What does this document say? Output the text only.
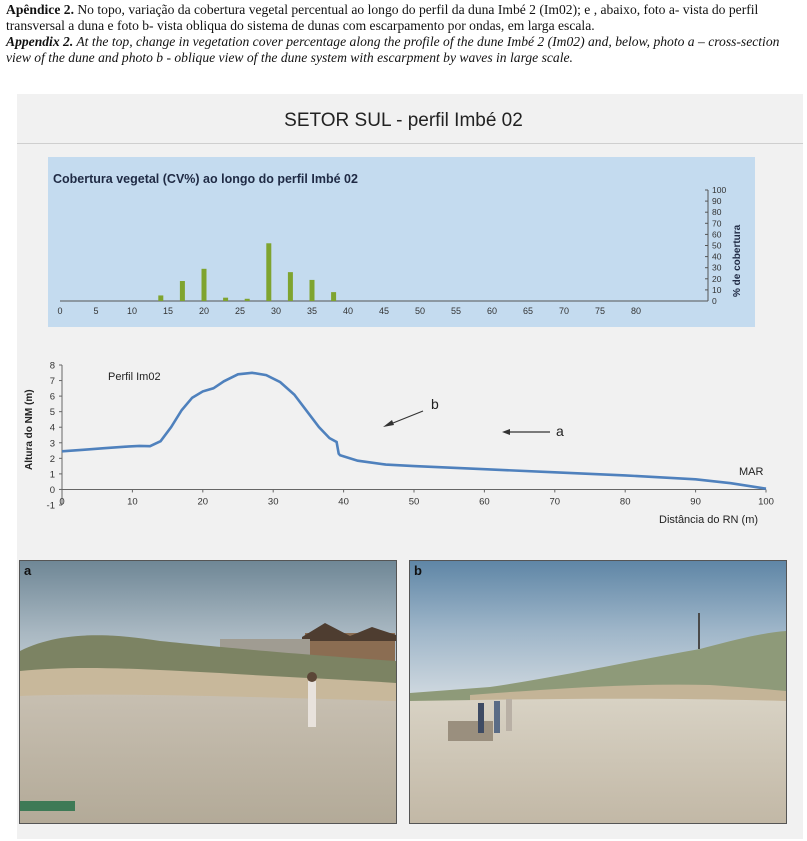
Apêndice 2. No topo, variação da cobertura vegetal percentual ao longo do perfil da duna Imbé 2 (Im02); e , abaixo, foto a- vista do perfil transversal a duna e foto b- vista obliqua do sistema de dunas com escarpamento por ondas, em larga escala.

Appendix 2. At the top, change in vegetation cover percentage along the profile of the dune Imbé 2 (Im02) and, below, photo a – cross-section view of the dune and photo b - oblique view of the dune system with escarpment by waves in large scale.

SETOR SUL - perfil Imbé 02
Cobertura vegetal (CV%) ao longo do perfil Imbé 02
0	5	10	15	20	25	30	35	40	45	50	55	60	65	70	75	80
0
10
20
30
40
50
60
70
80
90
100
% de cobertura
-1
0
1
2
3
4
5
6
7
8
0	10	20	30	40	50	60	70	80	90	100
Perfil Im02
Altura do NM (m)
Distância do RN (m)
b
a
MAR
a	b
